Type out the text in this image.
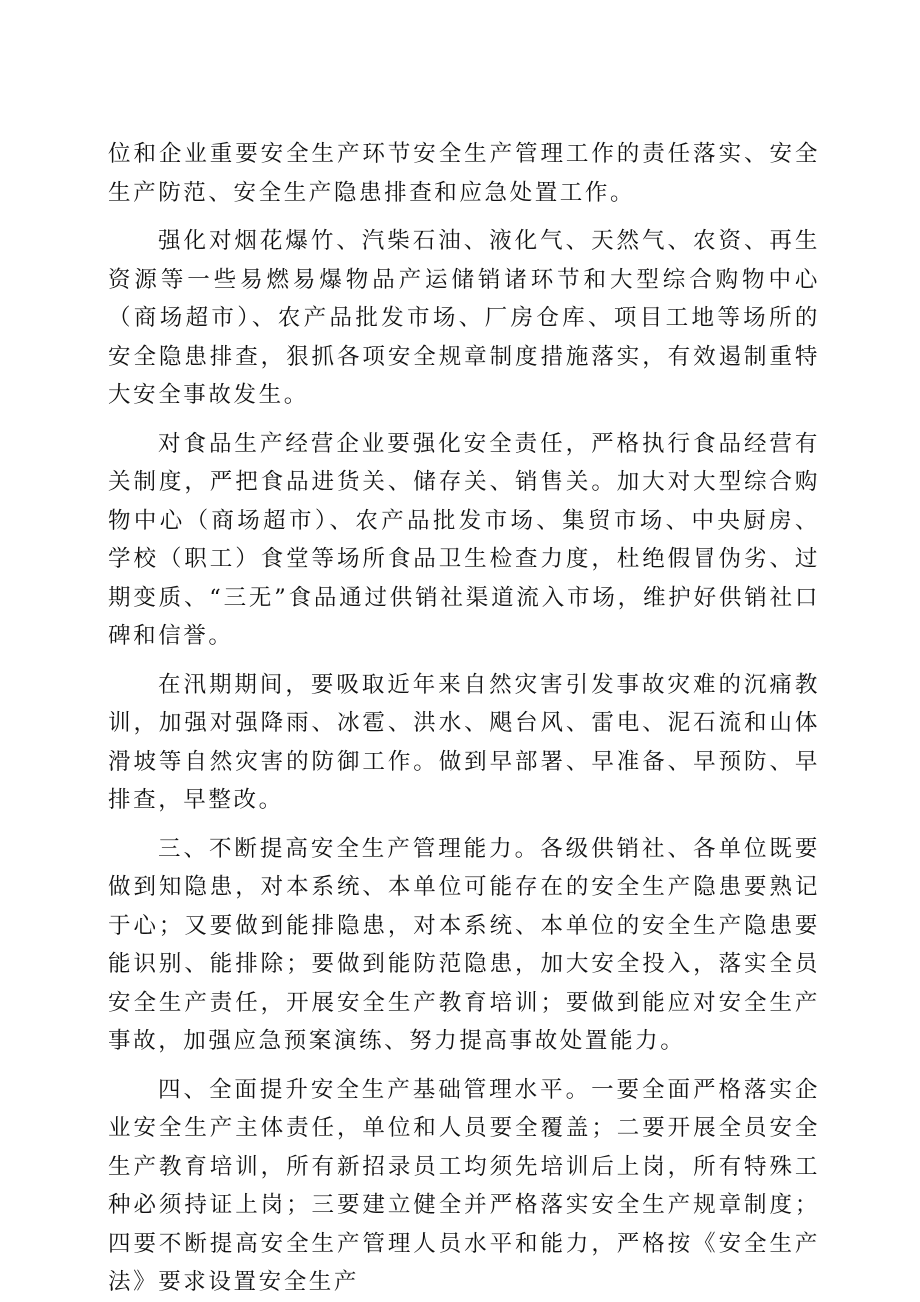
位和企业重要安全生产环节安全生产管理工作的责任落实、安全生产防范、安全生产隐患排查和应急处置工作。

强化对烟花爆竹、汽柴石油、液化气、天然气、农资、再生资源等一些易燃易爆物品产运储销诸环节和大型综合购物中心（商场超市）、农产品批发市场、厂房仓库、项目工地等场所的安全隐患排查，狠抓各项安全规章制度措施落实，有效遏制重特大安全事故发生。

对食品生产经营企业要强化安全责任，严格执行食品经营有关制度，严把食品进货关、储存关、销售关。加大对大型综合购物中心（商场超市）、农产品批发市场、集贸市场、中央厨房、学校（职工）食堂等场所食品卫生检查力度，杜绝假冒伪劣、过期变质、“三无”食品通过供销社渠道流入市场，维护好供销社口碑和信誉。

在汛期期间，要吸取近年来自然灾害引发事故灾难的沉痛教训，加强对强降雨、冰雹、洪水、飓台风、雷电、泥石流和山体滑坡等自然灾害的防御工作。做到早部署、早准备、早预防、早排查，早整改。

三、不断提高安全生产管理能力。各级供销社、各单位既要做到知隐患，对本系统、本单位可能存在的安全生产隐患要熟记于心；又要做到能排隐患，对本系统、本单位的安全生产隐患要能识别、能排除；要做到能防范隐患，加大安全投入，落实全员安全生产责任，开展安全生产教育培训；要做到能应对安全生产事故，加强应急预案演练、努力提高事故处置能力。

四、全面提升安全生产基础管理水平。一要全面严格落实企业安全生产主体责任，单位和人员要全覆盖；二要开展全员安全生产教育培训，所有新招录员工均须先培训后上岗，所有特殊工种必须持证上岗；三要建立健全并严格落实安全生产规章制度；四要不断提高安全生产管理人员水平和能力，严格按《安全生产法》要求设置安全生产
